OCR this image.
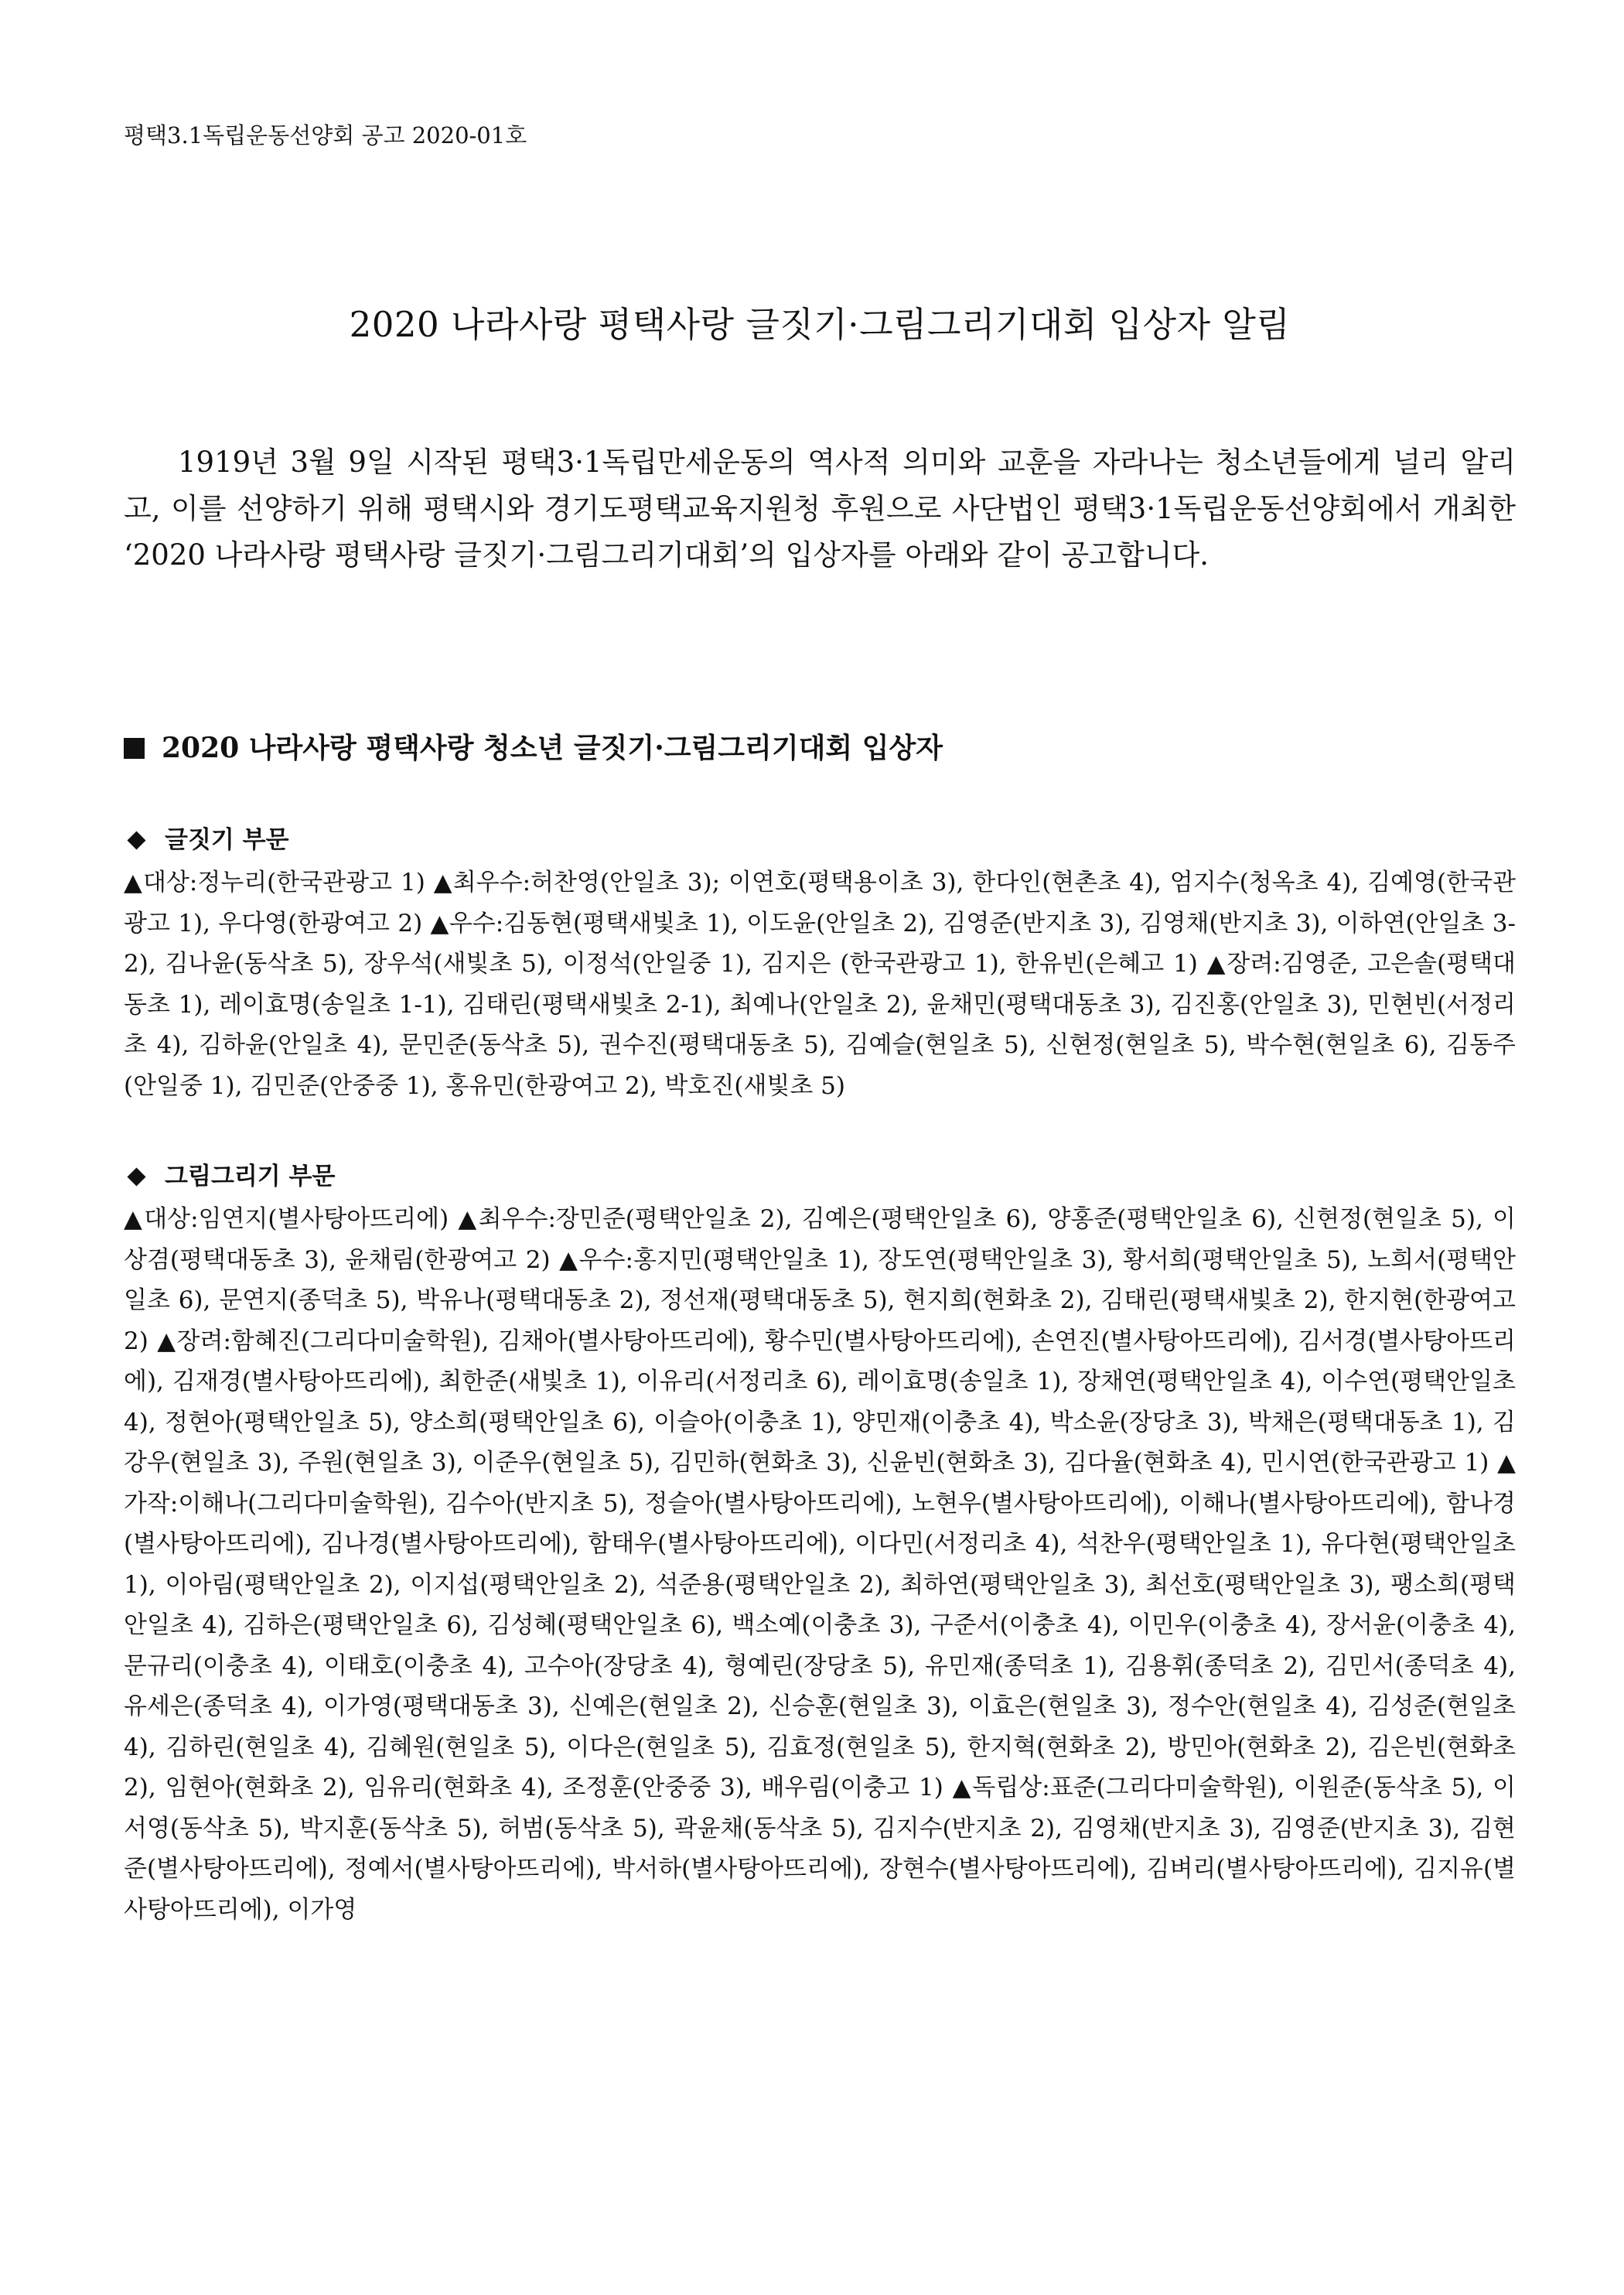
평택3.1독립운동선양회 공고 2020-01호

2020 나라사랑 평택사랑 글짓기·그림그리기대회 입상자 알림

1919년 3월 9일 시작된 평택3·1독립만세운동의 역사적 의미와 교훈을 자라나는 청소년들에게 널리 알리고, 이를 선양하기 위해 평택시와 경기도평택교육지원청 후원으로 사단법인 평택3·1독립운동선양회에서 개최한 ‘2020 나라사랑 평택사랑 글짓기·그림그리기대회’의 입상자를 아래와 같이 공고합니다.

2020 나라사랑 평택사랑 청소년 글짓기·그림그리기대회 입상자
글짓기 부문

▲대상:정누리(한국관광고 1) ▲최우수:허찬영(안일초 3); 이연호(평택용이초 3), 한다인(현촌초 4), 엄지수(청옥초 4), 김예영(한국관광고 1), 우다영(한광여고 2) ▲우수:김동현(평택새빛초 1), 이도윤(안일초 2), 김영준(반지초 3), 김영채(반지초 3), 이하연(안일초 3-2), 김나윤(동삭초 5), 장우석(새빛초 5), 이정석(안일중 1), 김지은 (한국관광고 1), 한유빈(은혜고 1) ▲장려:김영준, 고은솔(평택대동초 1), 레이효명(송일초 1-1), 김태린(평택새빛초 2-1), 최예나(안일초 2), 윤채민(평택대동초 3), 김진홍(안일초 3), 민현빈(서정리초 4), 김하윤(안일초 4), 문민준(동삭초 5), 권수진(평택대동초 5), 김예슬(현일초 5), 신현정(현일초 5), 박수현(현일초 6), 김동주(안일중 1), 김민준(안중중 1), 홍유민(한광여고 2), 박호진(새빛초 5)

그림그리기 부문

▲대상:임연지(별사탕아뜨리에) ▲최우수:장민준(평택안일초 2), 김예은(평택안일초 6), 양홍준(평택안일초 6), 신현정(현일초 5), 이상겸(평택대동초 3), 윤채림(한광여고 2) ▲우수:홍지민(평택안일초 1), 장도연(평택안일초 3), 황서희(평택안일초 5), 노희서(평택안일초 6), 문연지(종덕초 5), 박유나(평택대동초 2), 정선재(평택대동초 5), 현지희(현화초 2), 김태린(평택새빛초 2), 한지현(한광여고 2) ▲장려:함혜진(그리다미술학원), 김채아(별사탕아뜨리에), 황수민(별사탕아뜨리에), 손연진(별사탕아뜨리에), 김서경(별사탕아뜨리에), 김재경(별사탕아뜨리에), 최한준(새빛초 1), 이유리(서정리초 6), 레이효명(송일초 1), 장채연(평택안일초 4), 이수연(평택안일초 4), 정현아(평택안일초 5), 양소희(평택안일초 6), 이슬아(이충초 1), 양민재(이충초 4), 박소윤(장당초 3), 박채은(평택대동초 1), 김강우(현일초 3), 주원(현일초 3), 이준우(현일초 5), 김민하(현화초 3), 신윤빈(현화초 3), 김다율(현화초 4), 민시연(한국관광고 1) ▲가작:이해나(그리다미술학원), 김수아(반지초 5), 정슬아(별사탕아뜨리에), 노현우(별사탕아뜨리에), 이해나(별사탕아뜨리에), 함나경(별사탕아뜨리에), 김나경(별사탕아뜨리에), 함태우(별사탕아뜨리에), 이다민(서정리초 4), 석찬우(평택안일초 1), 유다현(평택안일초 1), 이아림(평택안일초 2), 이지섭(평택안일초 2), 석준용(평택안일초 2), 최하연(평택안일초 3), 최선호(평택안일초 3), 팽소희(평택안일초 4), 김하은(평택안일초 6), 김성혜(평택안일초 6), 백소예(이충초 3), 구준서(이충초 4), 이민우(이충초 4), 장서윤(이충초 4), 문규리(이충초 4), 이태호(이충초 4), 고수아(장당초 4), 형예린(장당초 5), 유민재(종덕초 1), 김용휘(종덕초 2), 김민서(종덕초 4), 유세은(종덕초 4), 이가영(평택대동초 3), 신예은(현일초 2), 신승훈(현일초 3), 이효은(현일초 3), 정수안(현일초 4), 김성준(현일초 4), 김하린(현일초 4), 김혜원(현일초 5), 이다은(현일초 5), 김효정(현일초 5), 한지혁(현화초 2), 방민아(현화초 2), 김은빈(현화초 2), 임현아(현화초 2), 임유리(현화초 4), 조정훈(안중중 3), 배우림(이충고 1) ▲독립상:표준(그리다미술학원), 이원준(동삭초 5), 이서영(동삭초 5), 박지훈(동삭초 5), 허범(동삭초 5), 곽윤채(동삭초 5), 김지수(반지초 2), 김영채(반지초 3), 김영준(반지초 3), 김현준(별사탕아뜨리에), 정예서(별사탕아뜨리에), 박서하(별사탕아뜨리에), 장현수(별사탕아뜨리에), 김벼리(별사탕아뜨리에), 김지유(별사탕아뜨리에), 이가영
